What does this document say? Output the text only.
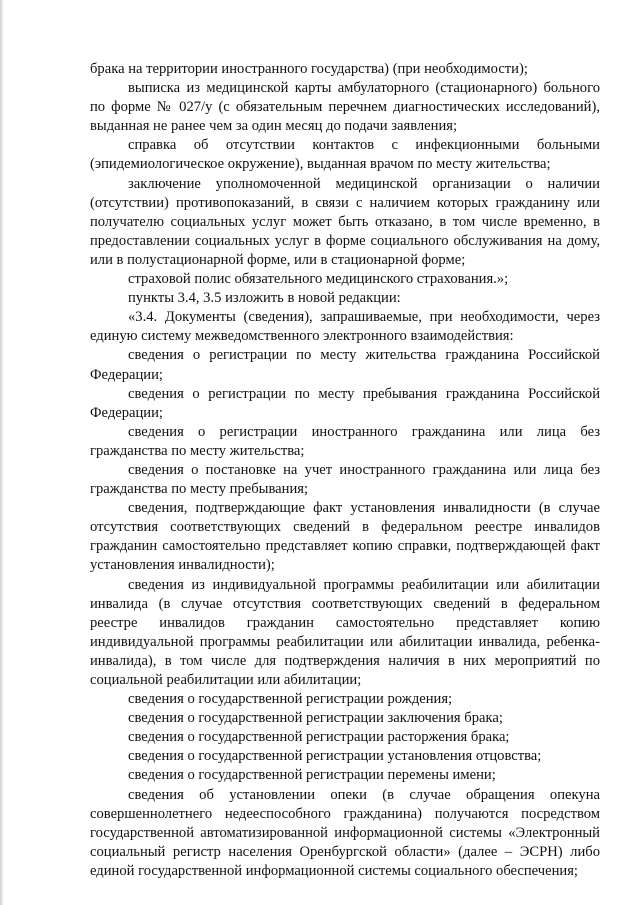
брака на территории иностранного государства) (при необходимости);

выписка из медицинской карты амбулаторного (стационарного) больного по форме № 027/у (с обязательным перечнем диагностических исследований), выданная не ранее чем за один месяц до подачи заявления;

справка об отсутствии контактов с инфекционными больными (эпидемиологическое окружение), выданная врачом по месту жительства;

заключение уполномоченной медицинской организации о наличии (отсутствии) противопоказаний, в связи с наличием которых гражданину или получателю социальных услуг может быть отказано, в том числе временно, в предоставлении социальных услуг в форме социального обслуживания на дому, или в полустационарной форме, или в стационарной форме;

страховой полис обязательного медицинского страхования.»;

пункты 3.4, 3.5 изложить в новой редакции:

«3.4. Документы (сведения), запрашиваемые, при необходимости, через единую систему межведомственного электронного взаимодействия:

сведения о регистрации по месту жительства гражданина Российской Федерации;

сведения о регистрации по месту пребывания гражданина Российской Федерации;

сведения о регистрации иностранного гражданина или лица без гражданства по месту жительства;

сведения о постановке на учет иностранного гражданина или лица без гражданства по месту пребывания;

сведения, подтверждающие факт установления инвалидности (в случае отсутствия соответствующих сведений в федеральном реестре инвалидов гражданин самостоятельно представляет копию справки, подтверждающей факт установления инвалидности);

сведения из индивидуальной программы реабилитации или абилитации инвалида (в случае отсутствия соответствующих сведений в федеральном реестре инвалидов гражданин самостоятельно представляет копию индивидуальной программы реабилитации или абилитации инвалида, ребенка-инвалида), в том числе для подтверждения наличия в них мероприятий по социальной реабилитации или абилитации;

сведения о государственной регистрации рождения;

сведения о государственной регистрации заключения брака;

сведения о государственной регистрации расторжения брака;

сведения о государственной регистрации установления отцовства;

сведения о государственной регистрации перемены имени;

сведения об установлении опеки (в случае обращения опекуна совершеннолетнего недееспособного гражданина) получаются посредством государственной автоматизированной информационной системы «Электронный социальный регистр населения Оренбургской области» (далее – ЭСРН) либо единой государственной информационной системы социального обеспечения;
